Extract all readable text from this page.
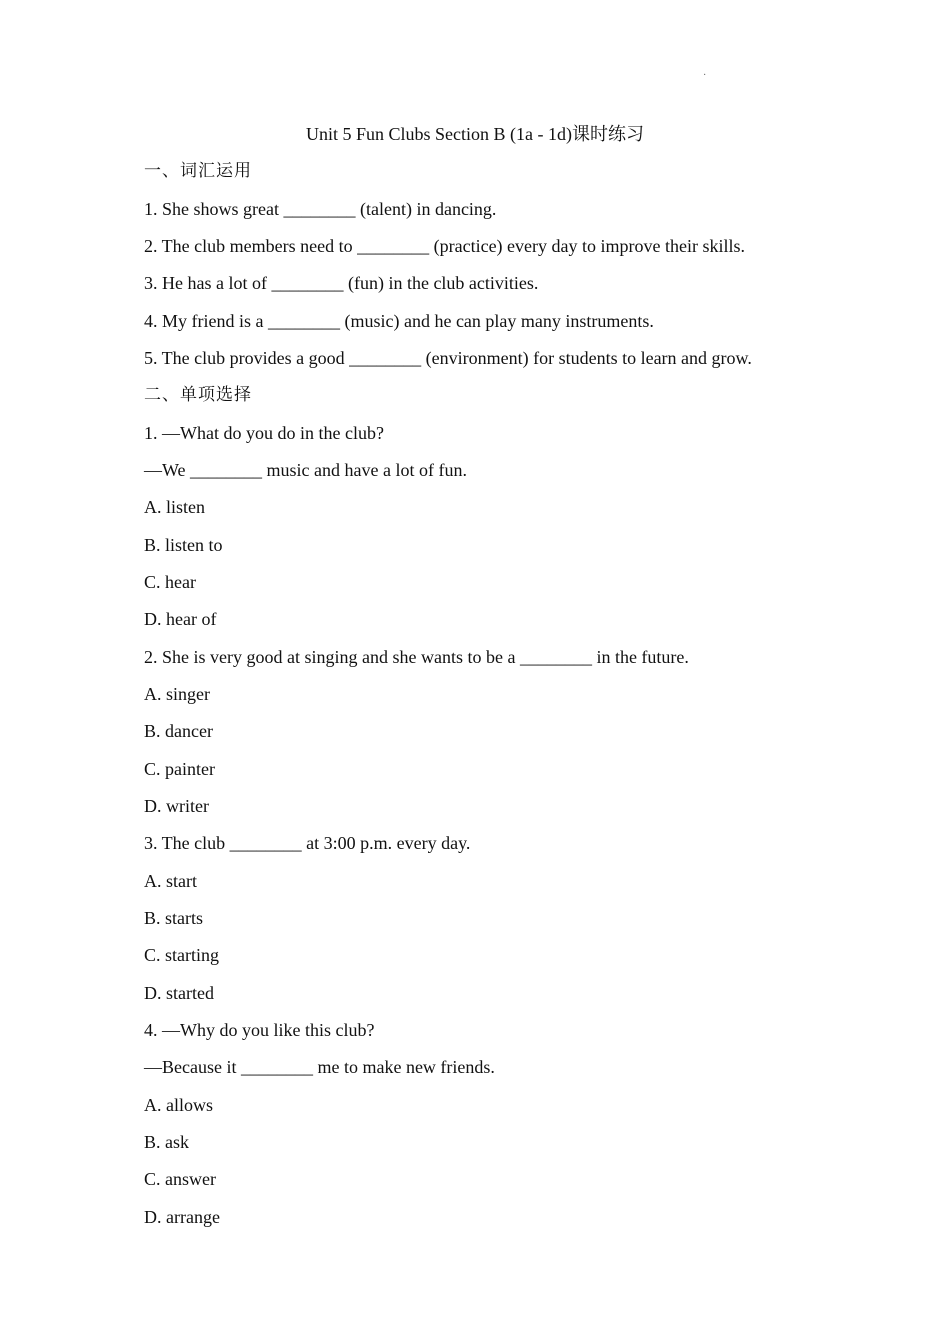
·
Unit 5 Fun Clubs Section B (1a - 1d)课时练习
一、词汇运用
1. She shows great ________ (talent) in dancing.
2. The club members need to ________ (practice) every day to improve their skills.
3. He has a lot of ________ (fun) in the club activities.
4. My friend is a ________ (music) and he can play many instruments.
5. The club provides a good ________ (environment) for students to learn and grow.
二、单项选择
1. —What do you do in the club?
—We ________ music and have a lot of fun.
A. listen
B. listen to
C. hear
D. hear of
2. She is very good at singing and she wants to be a ________ in the future.
A. singer
B. dancer
C. painter
D. writer
3. The club ________ at 3:00 p.m. every day.
A. start
B. starts
C. starting
D. started
4. —Why do you like this club?
—Because it ________ me to make new friends.
A. allows
B. ask
C. answer
D. arrange
